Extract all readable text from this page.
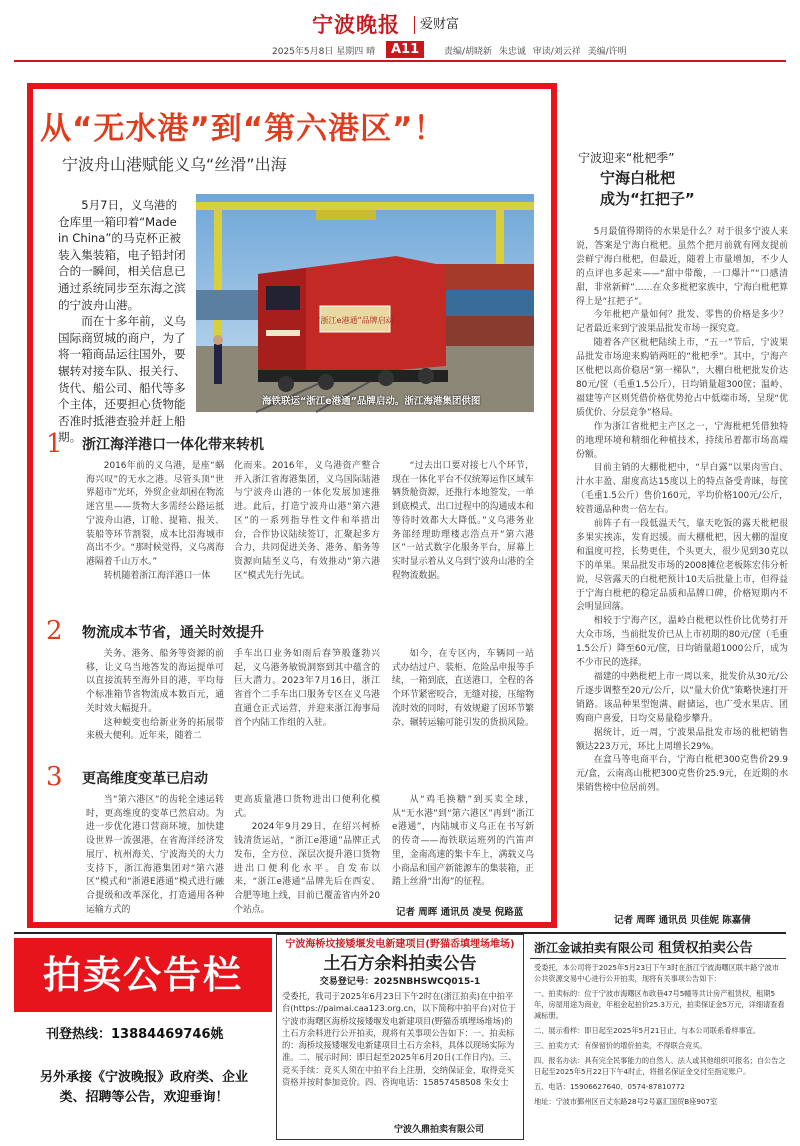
宁波晚报 爱财富
2025年5月8日 星期四 晴	A11	责编/胡晓新 朱忠诚 审读/刘云祥 美编/许明
从“无水港”到“第六港区”！
宁波舟山港赋能义乌“丝滑”出海

5月7日，义乌港的仓库里一箱印着“Made in China”的马克杯正被装入集装箱，电子铅封闭合的一瞬间，相关信息已通过系统同步至东海之滨的宁波舟山港。

而在十多年前，义乌国际商贸城的商户，为了将一箱商品运往国外，要辗转对接车队、报关行、货代、船公司、船代等多个主体，还要担心货物能否准时抵港查验并赶上船期。

“浙江e港通”品牌启动
海铁联运“浙江e港通”品牌启动。浙江海港集团供图
1 浙江海洋港口一体化带来转机

2016年前的义乌港，是座“蜗海兴叹”的无水之港。尽管头顶“世界超市”光环，外贸企业却困在物流迷宫里——货物大多需经公路运抵宁波舟山港，订舱、提箱、报关、装船等环节割裂，成本比沿海城市高出不少。“那时候觉得，义乌离海港隔着千山万水。”

转机随着浙江海洋港口一体

化而来。2016年，义乌港资产整合并入浙江省海港集团，义乌国际陆港与宁波舟山港的一体化发展加速推进。此后，打造宁波舟山港“第六港区”的一系列指导性文件和举措出台，合作协议陆续签订，汇聚起多方合力，共同促进关务、港务、船务等资源向陆至义乌，有效推动“第六港区”模式先行先试。

“过去出口要对接七八个环节，现在一体化平台不仅统筹运作区域车辆货舱资源，还推行本地签发，一单到底模式，出口过程中的沟通成本和等待时效都大大降低。”义乌港务业务部经理助理楼志浩点开“第六港区”一站式数字化服务平台，屏幕上实时显示着从义乌到宁波舟山港的全程物流数据。

2 物流成本节省，通关时效提升

关务、港务、船务等资源的前移，让义乌当地答发的海运提单可以直接流转至海外目的港，平均每个标准箱节省物流成本数百元，通关时效大幅提升。

这种蜕变也给新业务的拓展带来极大便利。近年来，随着二

手车出口业务如雨后春笋般蓬勃兴起，义乌港务敏锐洞察到其中蕴含的巨大潜力。2023年7月16日，浙江省首个二手车出口服务专区在义乌港直通仓正式运营，并迎来浙江海事局首个内陆工作组的入驻。

如今，在专区内，车辆同一站式办结过户、装柜、危险品申报等手续，一箱到底，直送港口，全程的各个环节紧密咬合，无缝对接，压缩物流时效的同时，有效规避了因环节繁杂、辗转运输可能引发的货损风险。

3 更高维度变革已启动

当“第六港区”的齿轮全速运转时，更高维度的变革已然启动。为进一步优化港口营商环境，加快建设世界一流强港，在省海洋经济发展厅、杭州海关、宁波海关的大力支持下，浙江海港集团对“第六港区”模式和“浙港E港通”模式进行融合提级和改革深化，打造通用各种运输方式的

更高质量港口货物进出口便利化模式。

2024年9月29日，在绍兴柯桥钱清货运站，“浙江e港通”品牌正式发布，全方位、深层次提升港口货物进出口便利化水平。自发布以来，“浙江e港通”品牌先后在西安、合肥等地上线，目前已覆盖省内外20个站点。

从“鸡毛换糖”到买卖全球，从“无水港”到“第六港区”再到“浙江e港通”，内陆城市义乌正在书写新的传奇——海铁联运班列的汽笛声里，金南高速的集卡车上，满载义乌小商品和国产新能源车的集装箱，正踏上丝滑“出海”的征程。

记者 周晖 通讯员 凌旻 倪路蓝
宁波迎来“枇杷季”
宁海白枇杷
成为“扛把子”

5月最值得期待的水果是什么？对于很多宁波人来说，答案是宁海白枇杷。虽然个把月前就有网友提前尝鲜宁海白枇杷，但最近，随着上市量增加，不少人的点评也多起来——“甜中带酸，一口爆汁”“口感清甜，非常新鲜”……在众多枇杷家族中，宁海白枇杷算得上是“扛把子”。

今年枇杷产量如何？批发、零售的价格是多少？记者最近来到宁波果品批发市场一探究竟。

随着各产区枇杷陆续上市，“五一”节后，宁波果品批发市场迎来购销两旺的“枇杷季”。其中，宁海产区枇杷以高价稳居“第一梯队”，大棚白枇杷批发价达80元/筐（毛重1.5公斤），日均销量超300筐；温岭、福建等产区则凭借价格优势抢占中低端市场，呈现“优质优价、分层竞争”格局。

作为浙江省枇杷主产区之一，宁海枇杷凭借独特的地理环境和精细化种植技术，持续吊着都市场高端份额。

目前主销的大棚枇杷中，“早白露”以果肉雪白、汁水丰盈、甜度高达15度以上的特点备受青睐，每筐（毛重1.5公斤）售价160元，平均价格100元/公斤，较普通品种贵一倍左右。

前阵子有一段低温天气，靠天吃饭的露天枇杷很多果实挨冻，发育迟缓。而大棚枇杷，因大棚的湿度和温度可控，长势更佳，个头更大，很少见到30克以下的单果。果品批发市场的2008摊位老板陈宏伟分析说，尽管露天的白枇杷预计10天后批量上市，但得益于宁海白枇杷的稳定品质和品牌口碑，价格短期内不会明显回落。

相较于宁海产区，温岭白枇杷以性价比优势打开大众市场，当前批发价已从上市初期的80元/筐（毛重1.5公斤）降至60元/筐，日均销量超1000公斤，成为不少市民的选择。

福建的中熟枇杷上市一周以来，批发价从30元/公斤逐步调整至20元/公斤，以“量大价优”策略快速打开销路。该品种果型饱满、耐储运，也广受水果店、团购商户喜爱，日均交易量稳步攀升。

据统计，近一周，宁波果品批发市场的枇杷销售额达223万元，环比上周增长29%。

在盒马等电商平台，宁海白枇杷300克售价29.9元/盒，云南高山枇杷300克售价25.9元，在近期的水果销售榜中位居前列。

记者 周晖 通讯员 贝佳妮 陈嘉倩
拍卖公告栏
刊登热线：13884469746姚
另外承接《宁波晚报》政府类、企业类、招聘等公告，欢迎垂询！
宁波海桥坟接矮堰发电新建项目(野猫岙填埋场堆场)
土石方余料拍卖公告
交易登记号：2025NBHSWCQ015-1
受委托，我司于2025年6月23日下午2时在(浙江拍卖)在中拍平台(https://paimai.caa123.org.cn，以下简称中拍平台)对位于宁波市海曙区海桥坟接矮堰发电新建项目(野猫岙填埋场堆场)的土石方余料进行公开拍卖，现将有关事项公告如下：一、拍卖标的：海桥坟接矮堰发电新建项目土石方余料，具体以现场实际为准。二、展示时间：即日起至2025年6月20日(工作日内)。三、竞买手续：竞买人须在中拍平台上注册，交纳保证金，取得竞买资格并按时参加竞价。四、咨询电话：15857458508 朱女士
宁波久鼎拍卖有限公司
浙江金诚拍卖有限公司 租赁权拍卖公告

受委托，本公司将于2025年5月23日下午3时在浙江宁波海曙区联丰路宁波市公共资源交易中心进行公开拍卖，现将有关事项公告如下：

一、拍卖标的：位于宁波市海曙区布政巷47号5幢等共计房产租赁权，租期5年，房屋用途为商业，年租金起拍价25.3万元，拍卖保证金5万元，详细请查看减标册。

二、展示看样：即日起至2025年5月21日止，与本公司联系看样事宜。

三、拍卖方式：有保留价的增价拍卖，不得联合竞买。

四、报名办法：具有完全民事能力的自然人、法人或其他组织可报名；自公告之日起至2025年5月22日下午4时止，将报名保证金交付至指定账户。

五、电话：15906627640、0574-87810772

地址：宁波市鄞州区百丈东路28号2号嘉汇国贸B座907室
